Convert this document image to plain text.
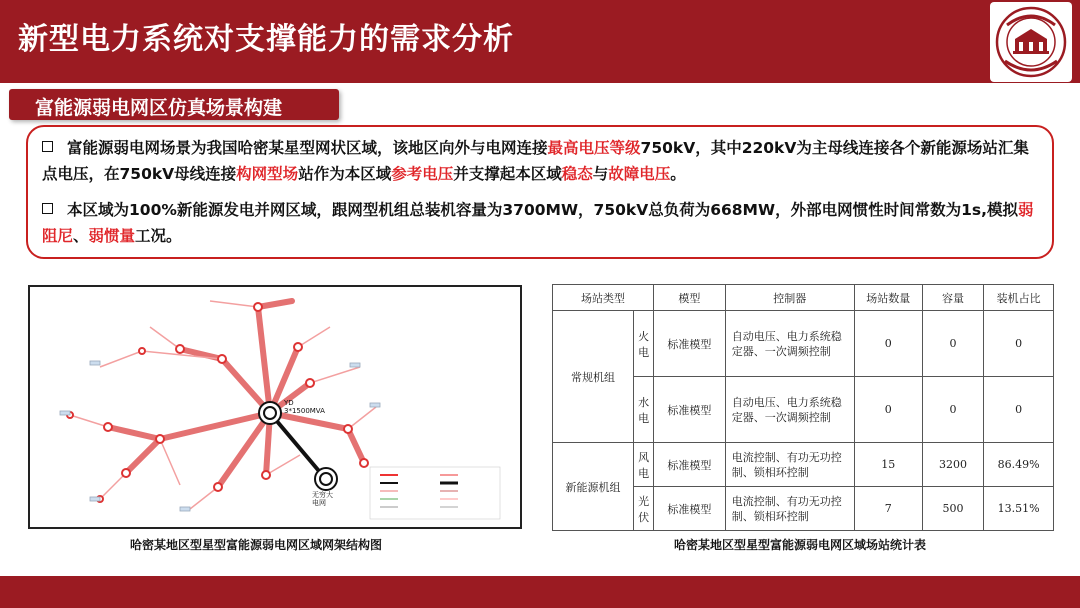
新型电力系统对支撑能力的需求分析
富能源弱电网区仿真场景构建
富能源弱电网场景为我国哈密某星型网状区域，该地区向外与电网连接最高电压等级750kV，其中220kV为主母线连接各个新能源场站汇集点电压，在750kV母线连接构网型场站作为本区域参考电压并支撑起本区域稳态与故障电压。
本区域为100%新能源发电并网区域，跟网型机组总装机容量为3700MW，750kV总负荷为668MW，外部电网惯性时间常数为1s,模拟弱阻尼、弱惯量工况。
YD
3*1500MVA
无穷大
电网
哈密某地区型星型富能源弱电网区域网架结构图
场站类型		模型	控制器	场站数量	容量	装机占比
常规机组	火电	标准模型	自动电压、电力系统稳定器、一次调频控制	0	0	0
	水电	标准模型	自动电压、电力系统稳定器、一次调频控制	0	0	0
新能源机组	风电	标准模型	电流控制、有功无功控制、锁相环控制	15	3200	86.49%
	光伏	标准模型	电流控制、有功无功控制、锁相环控制	7	500	13.51%
哈密某地区型星型富能源弱电网区域场站统计表
